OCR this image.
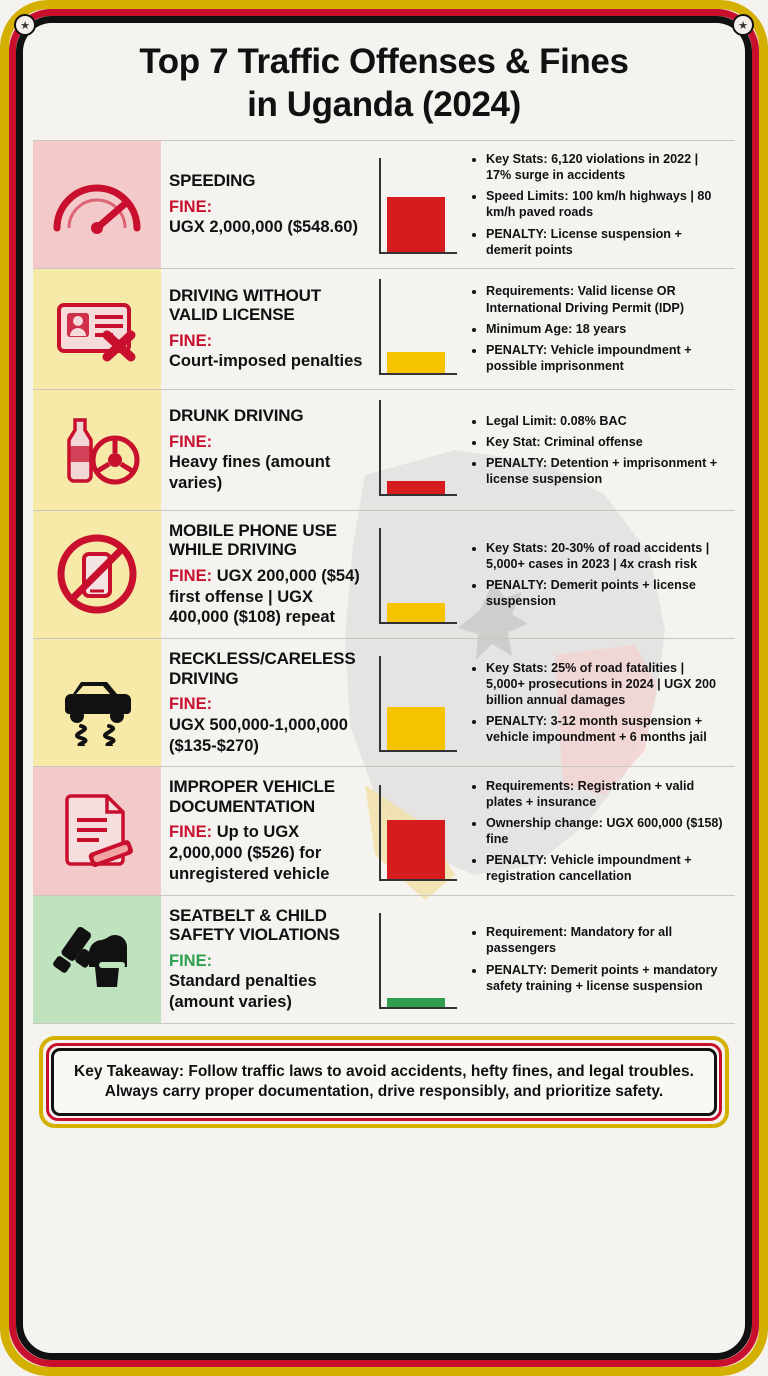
★	★
Top 7 Traffic Offenses & Fines
in Uganda (2024)
SPEEDING
FINE:
UGX 2,000,000 ($548.60)
• Key Stats: 6,120 violations in 2022 | 17% surge in accidents
• Speed Limits: 100 km/h highways | 80 km/h paved roads
• PENALTY: License suspension + demerit points
DRIVING WITHOUT VALID LICENSE
FINE:
Court-imposed penalties
• Requirements: Valid license OR International Driving Permit (IDP)
• Minimum Age: 18 years
• PENALTY: Vehicle impoundment + possible imprisonment
DRUNK DRIVING
FINE:
Heavy fines (amount varies)
• Legal Limit: 0.08% BAC
• Key Stat: Criminal offense
• PENALTY: Detention + imprisonment + license suspension
MOBILE PHONE USE WHILE DRIVING
FINE: UGX 200,000 ($54) first offense | UGX 400,000 ($108) repeat
• Key Stats: 20-30% of road accidents | 5,000+ cases in 2023 | 4x crash risk
• PENALTY: Demerit points + license suspension
RECKLESS/CARELESS DRIVING
FINE:
UGX 500,000-1,000,000 ($135-$270)
• Key Stats: 25% of road fatalities | 5,000+ prosecutions in 2024 | UGX 200 billion annual damages
• PENALTY: 3-12 month suspension + vehicle impoundment + 6 months jail
IMPROPER VEHICLE DOCUMENTATION
FINE: Up to UGX 2,000,000 ($526) for unregistered vehicle
• Requirements: Registration + valid plates + insurance
• Ownership change: UGX 600,000 ($158) fine
• PENALTY: Vehicle impoundment + registration cancellation
SEATBELT & CHILD SAFETY VIOLATIONS
FINE:
Standard penalties (amount varies)
• Requirement: Mandatory for all passengers
• PENALTY: Demerit points + mandatory safety training + license suspension
Key Takeaway: Follow traffic laws to avoid accidents, hefty fines, and legal troubles. Always carry proper documentation, drive responsibly, and prioritize safety.
